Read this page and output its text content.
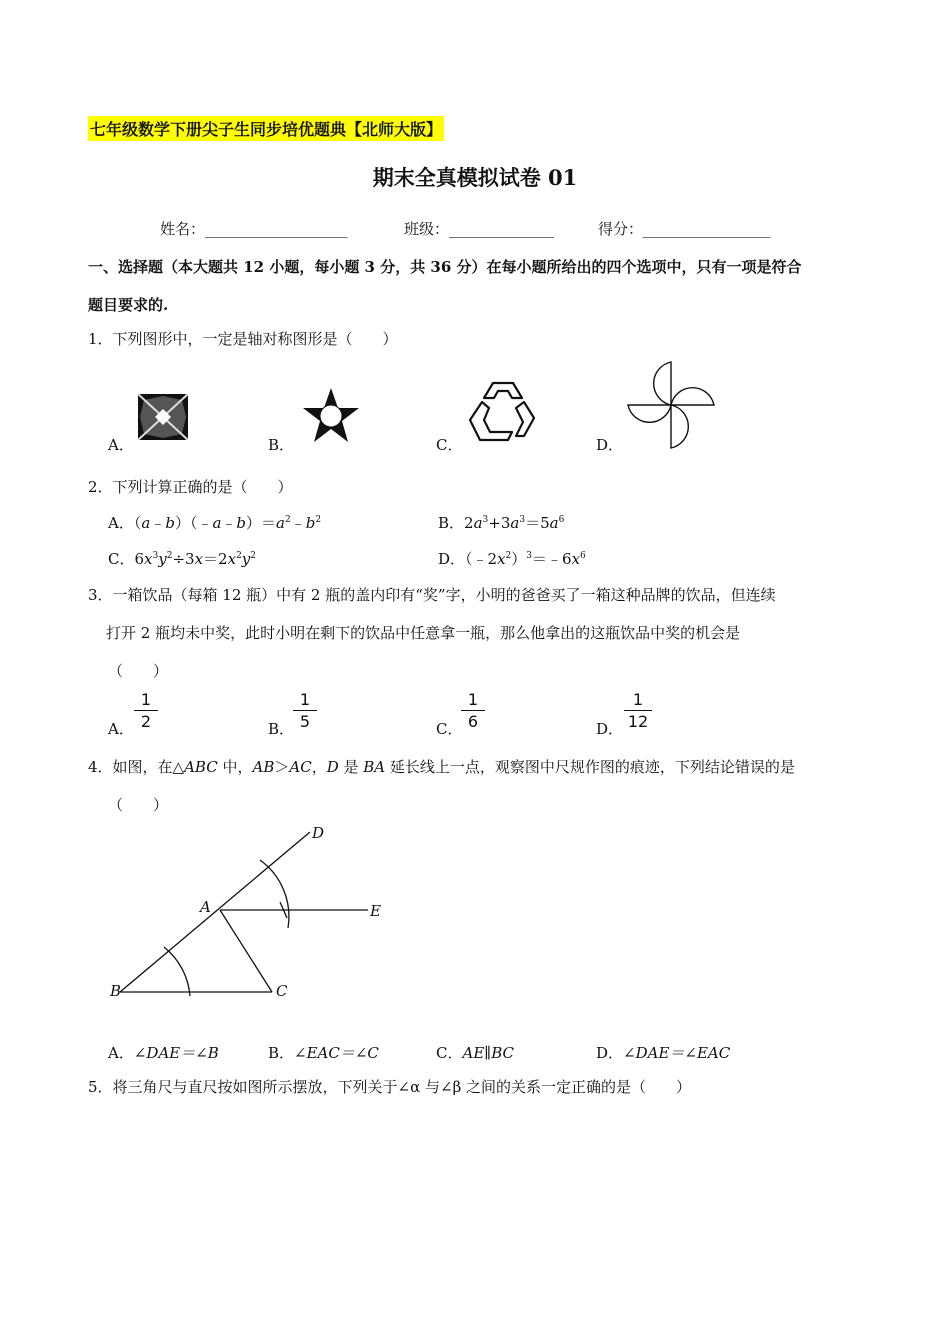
七年级数学下册尖子生同步培优题典【北师大版】
期末全真模拟试卷 01
姓名：___________________	班级：______________	得分：_________________
一、选择题（本大题共 12 小题，每小题 3 分，共 36 分）在每小题所给出的四个选项中，只有一项是符合
题目要求的.
1．下列图形中，一定是轴对称图形是（　　）
A．	B．	C．	D．
2．下列计算正确的是（　　）
A．$(a﹣b)(﹣a﹣b)=a^2﹣b^2$	B．$2a^3+3a^3=5a^6$
C．$6x^3y^2\div 3x=2x^2y^2$	D．$(﹣2x^2)^3=﹣6x^6$
3．一箱饮品（每箱 12 瓶）中有 2 瓶的盖内印有“奖”字，小明的爸爸买了一箱这种品牌的饮品，但连续
打开 2 瓶均未中奖，此时小明在剩下的饮品中任意拿一瓶，那么他拿出的这瓶饮品中奖的机会是
（　　）
A． $\frac{1}{2}$	B．
$\frac{1}{5}$	C．
$\frac{1}{6}$	D． $\frac{1}{12}$
4．如图，在△ABC 中，AB＞AC，D 是 BA 延长线上一点，观察图中尺规作图的痕迹，下列结论错误的是
（　　）
A
B	C
D
E
A．∠DAE＝∠B	B．∠EAC＝∠C	C．AE∥BC	D．∠DAE＝∠EAC
5．将三角尺与直尺按如图所示摆放，下列关于∠α 与∠β 之间的关系一定正确的是（　　）
